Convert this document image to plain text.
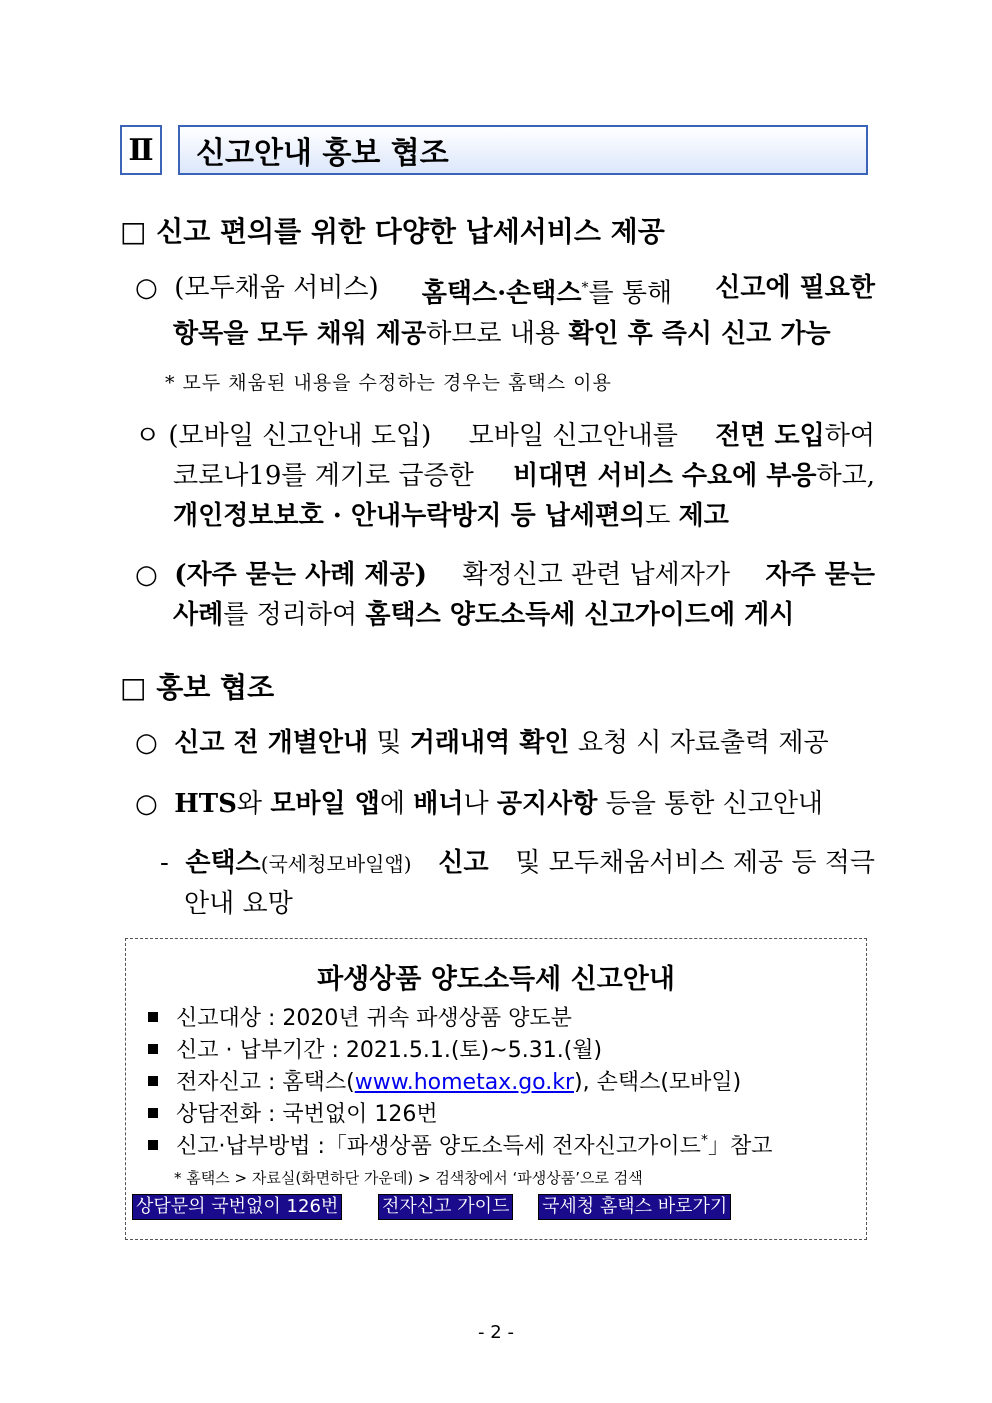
Ⅱ 신고안내 홍보 협조
□ 신고 편의를 위한 다양한 납세서비스 제공
○ (모두채움 서비스) 홈택스·손택스*를 통해 신고에 필요한
항목을 모두 채워 제공하므로 내용 확인 후 즉시 신고 가능
* 모두 채움된 내용을 수정하는 경우는 홈택스 이용
ㅇ (모바일 신고안내 도입) 모바일 신고안내를 전면 도입하여
코로나19를 계기로 급증한 비대면 서비스 수요에 부응하고,
개인정보보호 · 안내누락방지 등 납세편의도 제고
○ (자주 묻는 사례 제공) 확정신고 관련 납세자가 자주 묻는
사례를 정리하여 홈택스 양도소득세 신고가이드에 게시
□ 홍보 협조
○ 신고 전 개별안내 및 거래내역 확인 요청 시 자료출력 제공
○ HTS와 모바일 앱에 배너나 공지사항 등을 통한 신고안내
- 손택스(국세청모바일앱) 신고 및 모두채움서비스 제공 등 적극
안내 요망
파생상품 양도소득세 신고안내
신고대상 : 2020년 귀속 파생상품 양도분
신고 · 납부기간 : 2021.5.1.(토)~5.31.(월)
전자신고 : 홈택스(www.hometax.go.kr), 손택스(모바일)
상담전화 : 국번없이 126번
신고·납부방법 :「파생상품 양도소득세 전자신고가이드*」참고
* 홈택스 > 자료실(화면하단 가운데) > 검색창에서 ‘파생상품’으로 검색
상담문의 국번없이 126번 전자신고 가이드 국세청 홈택스 바로가기
- 2 -
